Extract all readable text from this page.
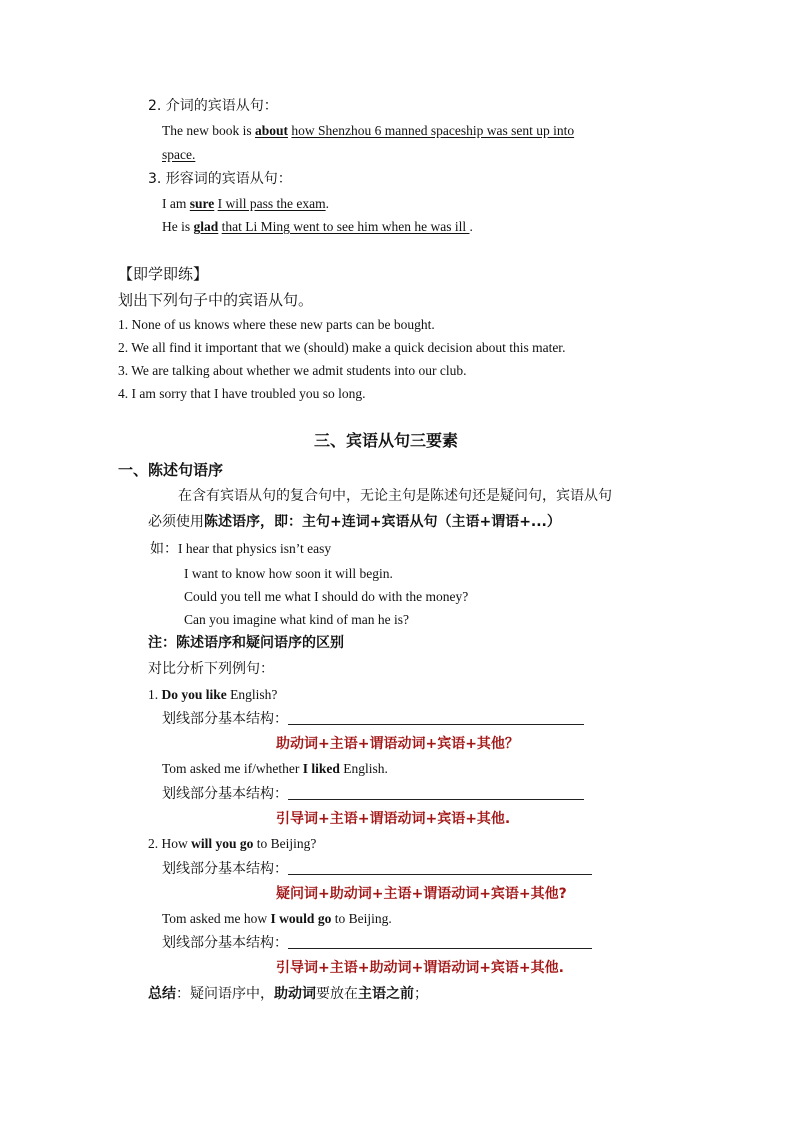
2. 介词的宾语从句：
The new book is about how Shenzhou 6 manned spaceship was sent up into
space.
3. 形容词的宾语从句：
I am sure I will pass the exam.
He is glad that Li Ming went to see him when he was ill .
【即学即练】
划出下列句子中的宾语从句。
1. None of us knows where these new parts can be bought.
2. We all find it important that we (should) make a quick decision about this mater.
3. We are talking about whether we admit students into our club.
4. I am sorry that I have troubled you so long.
三、宾语从句三要素
一、陈述句语序
在含有宾语从句的复合句中，无论主句是陈述句还是疑问句，宾语从句
必须使用陈述语序，即：主句+连词+宾语从句（主语+谓语+...）
如：I hear that physics isn’t easy
I want to know how soon it will begin.
Could you tell me what I should do with the money?
Can you imagine what kind of man he is?
注：陈述语序和疑问语序的区别
对比分析下列例句：
1. Do you like English?
划线部分基本结构：
助动词+主语+谓语动词+宾语+其他？
Tom asked me if/whether I liked English.
划线部分基本结构：
引导词+主语+谓语动词+宾语+其他.
2. How will you go to Beijing?
划线部分基本结构：
疑问词+助动词+主语+谓语动词+宾语+其他?
Tom asked me how I would go to Beijing.
划线部分基本结构：
引导词+主语+助动词+谓语动词+宾语+其他.
总结：疑问语序中，助动词要放在主语之前；
